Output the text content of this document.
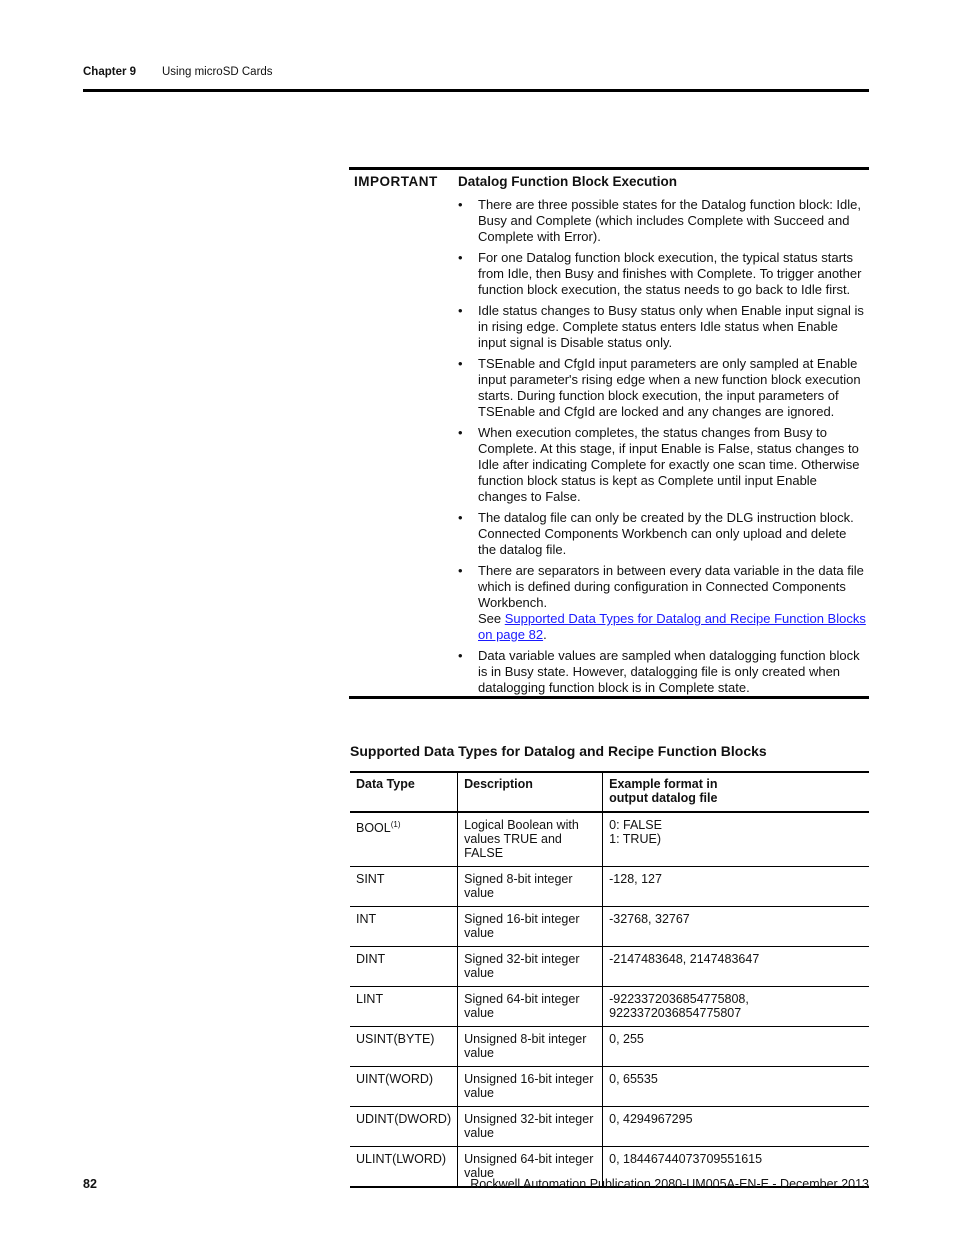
Chapter 9 Using microSD Cards
IMPORTANT Datalog Function Block Execution
• There are three possible states for the Datalog function block: Idle, Busy and Complete (which includes Complete with Succeed and Complete with Error).
• For one Datalog function block execution, the typical status starts from Idle, then Busy and finishes with Complete. To trigger another function block execution, the status needs to go back to Idle first.
• Idle status changes to Busy status only when Enable input signal is in rising edge. Complete status enters Idle status when Enable input signal is Disable status only.
• TSEnable and CfgId input parameters are only sampled at Enable input parameter's rising edge when a new function block execution starts. During function block execution, the input parameters of TSEnable and CfgId are locked and any changes are ignored.
• When execution completes, the status changes from Busy to Complete. At this stage, if input Enable is False, status changes to Idle after indicating Complete for exactly one scan time. Otherwise function block status is kept as Complete until input Enable changes to False.
• The datalog file can only be created by the DLG instruction block. Connected Components Workbench can only upload and delete the datalog file.
• There are separators in between every data variable in the data file which is defined during configuration in Connected Components Workbench.
See Supported Data Types for Datalog and Recipe Function Blocks on page 82.
• Data variable values are sampled when datalogging function block is in Busy state. However, datalogging file is only created when datalogging function block is in Complete state.
Supported Data Types for Datalog and Recipe Function Blocks
Data Type	Description	Example format in output datalog file
BOOL$^{(1)}$	Logical Boolean with values TRUE and FALSE	0: FALSE
1: TRUE)
SINT	Signed 8-bit integer value	-128, 127
INT	Signed 16-bit integer value	-32768, 32767
DINT	Signed 32-bit integer value	-2147483648, 2147483647
LINT	Signed 64-bit integer value	-9223372036854775808, 9223372036854775807
USINT(BYTE)	Unsigned 8-bit integer value	0, 255
UINT(WORD)	Unsigned 16-bit integer value	0, 65535
UDINT(DWORD)	Unsigned 32-bit integer value	0, 4294967295
ULINT(LWORD)	Unsigned 64-bit integer value	0, 18446744073709551615
82	Rockwell Automation Publication 2080-UM005A-EN-E - December 2013
